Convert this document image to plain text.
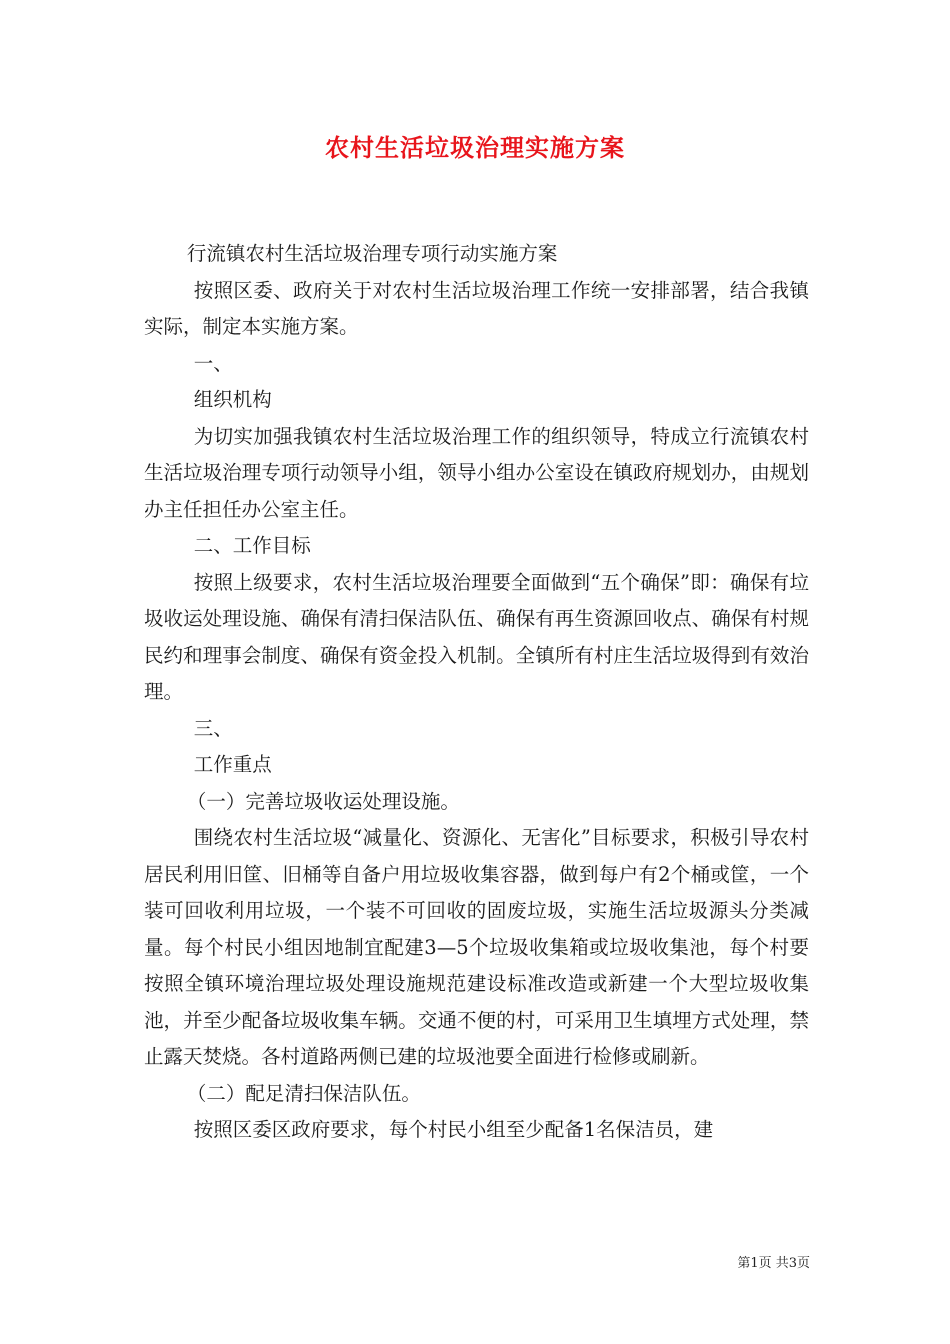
农村生活垃圾治理实施方案

行流镇农村生活垃圾治理专项行动实施方案

按照区委、政府关于对农村生活垃圾治理工作统一安排部署，结合我镇实际，制定本实施方案。

一、

组织机构

为切实加强我镇农村生活垃圾治理工作的组织领导，特成立行流镇农村生活垃圾治理专项行动领导小组，领导小组办公室设在镇政府规划办，由规划办主任担任办公室主任。

二、工作目标

按照上级要求，农村生活垃圾治理要全面做到“五个确保”即：确保有垃圾收运处理设施、确保有清扫保洁队伍、确保有再生资源回收点、确保有村规民约和理事会制度、确保有资金投入机制。全镇所有村庄生活垃圾得到有效治理。

三、

工作重点

（一）完善垃圾收运处理设施。

围绕农村生活垃圾“减量化、资源化、无害化”目标要求，积极引导农村居民利用旧筐、旧桶等自备户用垃圾收集容器，做到每户有2个桶或筐，一个装可回收利用垃圾，一个装不可回收的固废垃圾，实施生活垃圾源头分类减量。每个村民小组因地制宜配建3—5个垃圾收集箱或垃圾收集池，每个村要按照全镇环境治理垃圾处理设施规范建设标准改造或新建一个大型垃圾收集池，并至少配备垃圾收集车辆。交通不便的村，可采用卫生填埋方式处理，禁止露天焚烧。各村道路两侧已建的垃圾池要全面进行检修或刷新。

（二）配足清扫保洁队伍。

按照区委区政府要求，每个村民小组至少配备1名保洁员，建

第1页 共3页
